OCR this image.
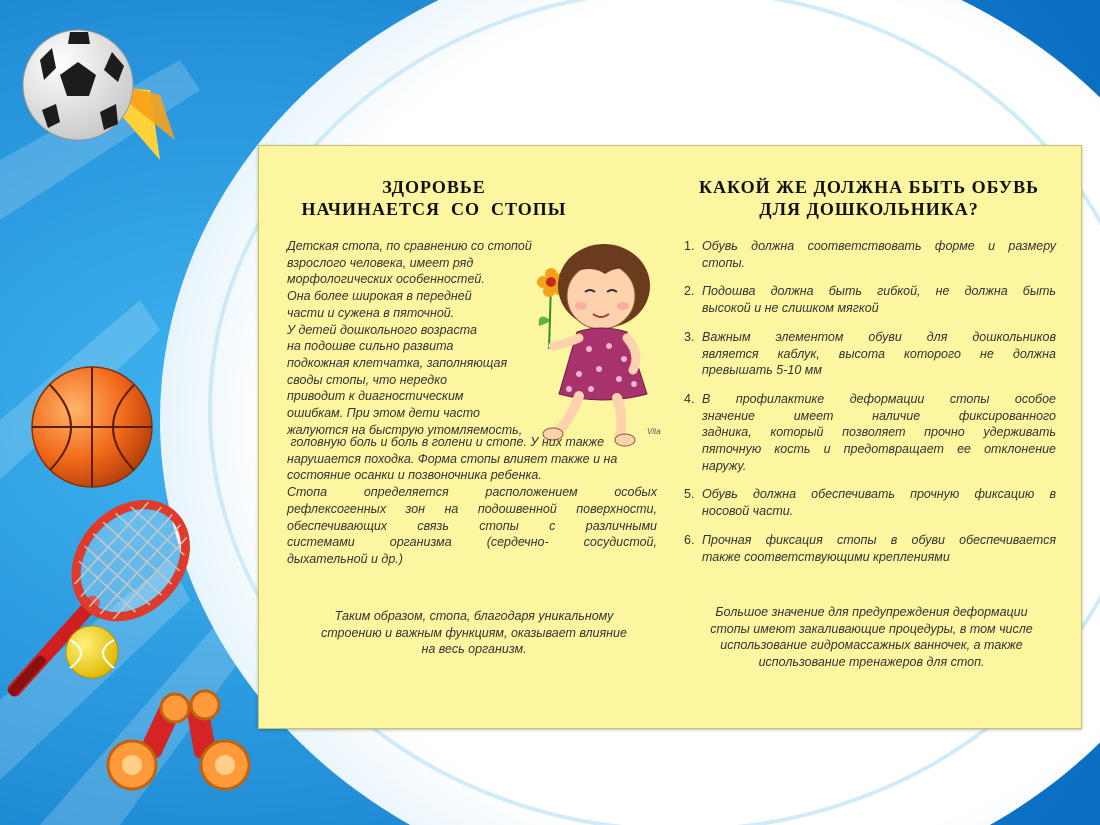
ЗДОРОВЬЕ
НАЧИНАЕТСЯ  СО  СТОПЫ
Детская стопа, по сравнению со стопой
взрослого человека, имеет ряд
морфологических особенностей.
Она более широкая в передней
части и сужена в пяточной.
У детей дошкольного возраста
на подошве сильно развита
подкожная клетчатка, заполняющая
своды стопы, что нередко
приводит к диагностическим
ошибкам. При этом дети часто
жалуются на быструю утомляемость,	Vita
головную боль и боль в голени и стопе. У них также
нарушается походка. Форма стопы влияет также и на
состояние осанки и позвоночника ребенка.
Стопа определяется расположением особых
рефлексогенных зон на подошвенной поверхности,
обеспечивающих связь стопы с различными
системами организма (сердечно- сосудистой,
дыхательной и др.)
Таким образом, стопа, благодаря уникальному
строению и важным функциям, оказывает влияние
на весь организм.
КАКОЙ ЖЕ ДОЛЖНА БЫТЬ ОБУВЬ
ДЛЯ ДОШКОЛЬНИКА?
1. Обувь должна соответствовать форме и размеру
стопы.
2. Подошва должна быть гибкой, не должна быть
высокой и не слишком мягкой
3. Важным элементом обуви для дошкольников
является каблук, высота которого не должна
превышать 5-10 мм
4. В профилактике деформации стопы особое
значение имеет наличие фиксированного
задника, который позволяет прочно удерживать
пяточную кость и предотвращает ее отклонение
наружу.
5. Обувь должна обеспечивать прочную фиксацию в
носовой части.
6. Прочная фиксация стопы в обуви обеспечивается
также соответствующими креплениями
Большое значение для предупреждения деформации
стопы имеют закаливающие процедуры, в том числе
использование гидромассажных ванночек, а также
использование тренажеров для стоп.
